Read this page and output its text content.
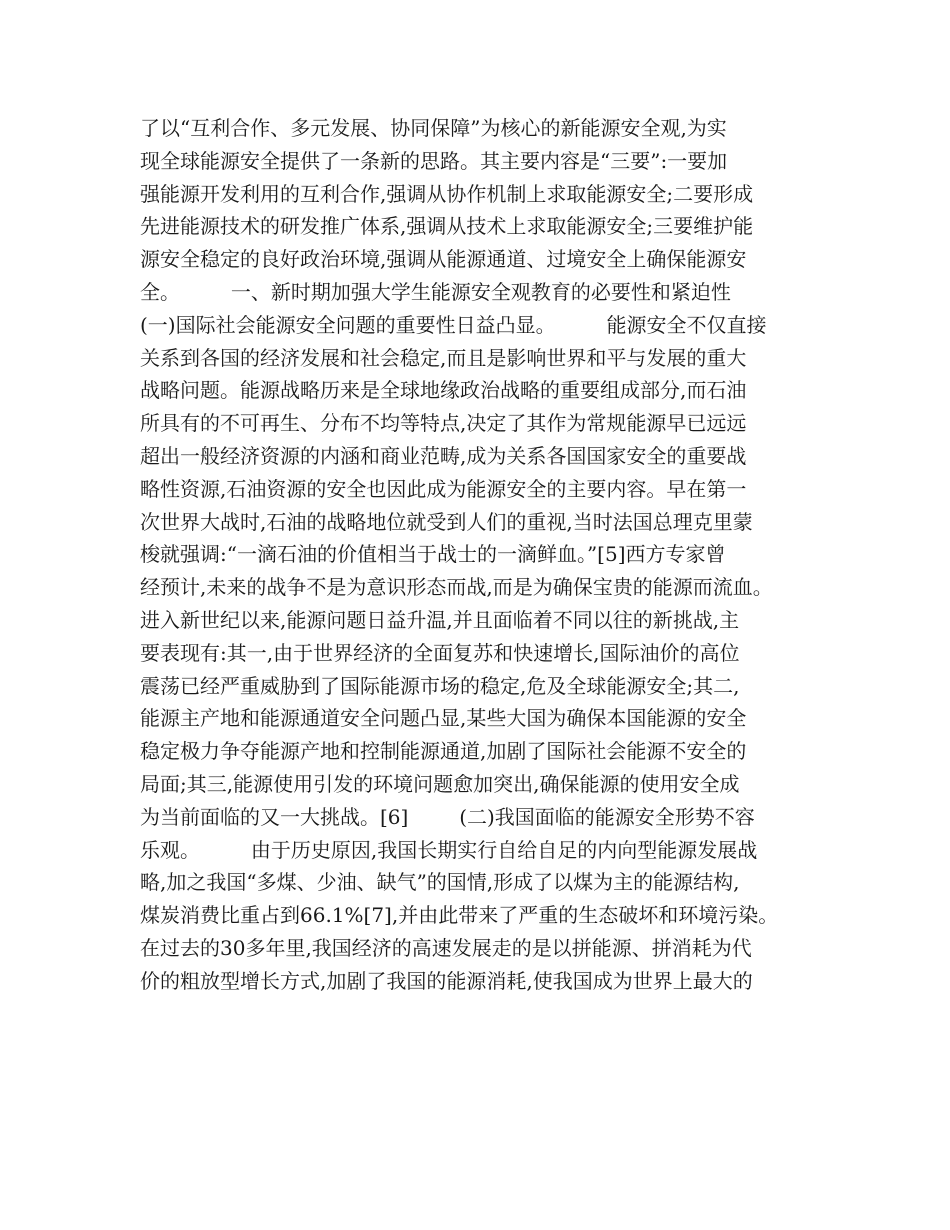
了以“互利合作、多元发展、协同保障”为核心的新能源安全观,为实
现全球能源安全提供了一条新的思路。其主要内容是“三要”:一要加
强能源开发利用的互利合作,强调从协作机制上求取能源安全;二要形成
先进能源技术的研发推广体系,强调从技术上求取能源安全;三要维护能
源安全稳定的良好政治环境,强调从能源通道、过境安全上确保能源安
全。        一、新时期加强大学生能源安全观教育的必要性和紧迫性
(一)国际社会能源安全问题的重要性日益凸显。        能源安全不仅直接
关系到各国的经济发展和社会稳定,而且是影响世界和平与发展的重大
战略问题。能源战略历来是全球地缘政治战略的重要组成部分,而石油
所具有的不可再生、分布不均等特点,决定了其作为常规能源早已远远
超出一般经济资源的内涵和商业范畴,成为关系各国国家安全的重要战
略性资源,石油资源的安全也因此成为能源安全的主要内容。早在第一
次世界大战时,石油的战略地位就受到人们的重视,当时法国总理克里蒙
梭就强调:“一滴石油的价值相当于战士的一滴鲜血。”[5]西方专家曾
经预计,未来的战争不是为意识形态而战,而是为确保宝贵的能源而流血。
进入新世纪以来,能源问题日益升温,并且面临着不同以往的新挑战,主
要表现有:其一,由于世界经济的全面复苏和快速增长,国际油价的高位
震荡已经严重威胁到了国际能源市场的稳定,危及全球能源安全;其二,
能源主产地和能源通道安全问题凸显,某些大国为确保本国能源的安全
稳定极力争夺能源产地和控制能源通道,加剧了国际社会能源不安全的
局面;其三,能源使用引发的环境问题愈加突出,确保能源的使用安全成
为当前面临的又一大挑战。[6]        (二)我国面临的能源安全形势不容
乐观。        由于历史原因,我国长期实行自给自足的内向型能源发展战
略,加之我国“多煤、少油、缺气”的国情,形成了以煤为主的能源结构,
煤炭消费比重占到66.1%[7],并由此带来了严重的生态破坏和环境污染。
在过去的30多年里,我国经济的高速发展走的是以拼能源、拼消耗为代
价的粗放型增长方式,加剧了我国的能源消耗,使我国成为世界上最大的
